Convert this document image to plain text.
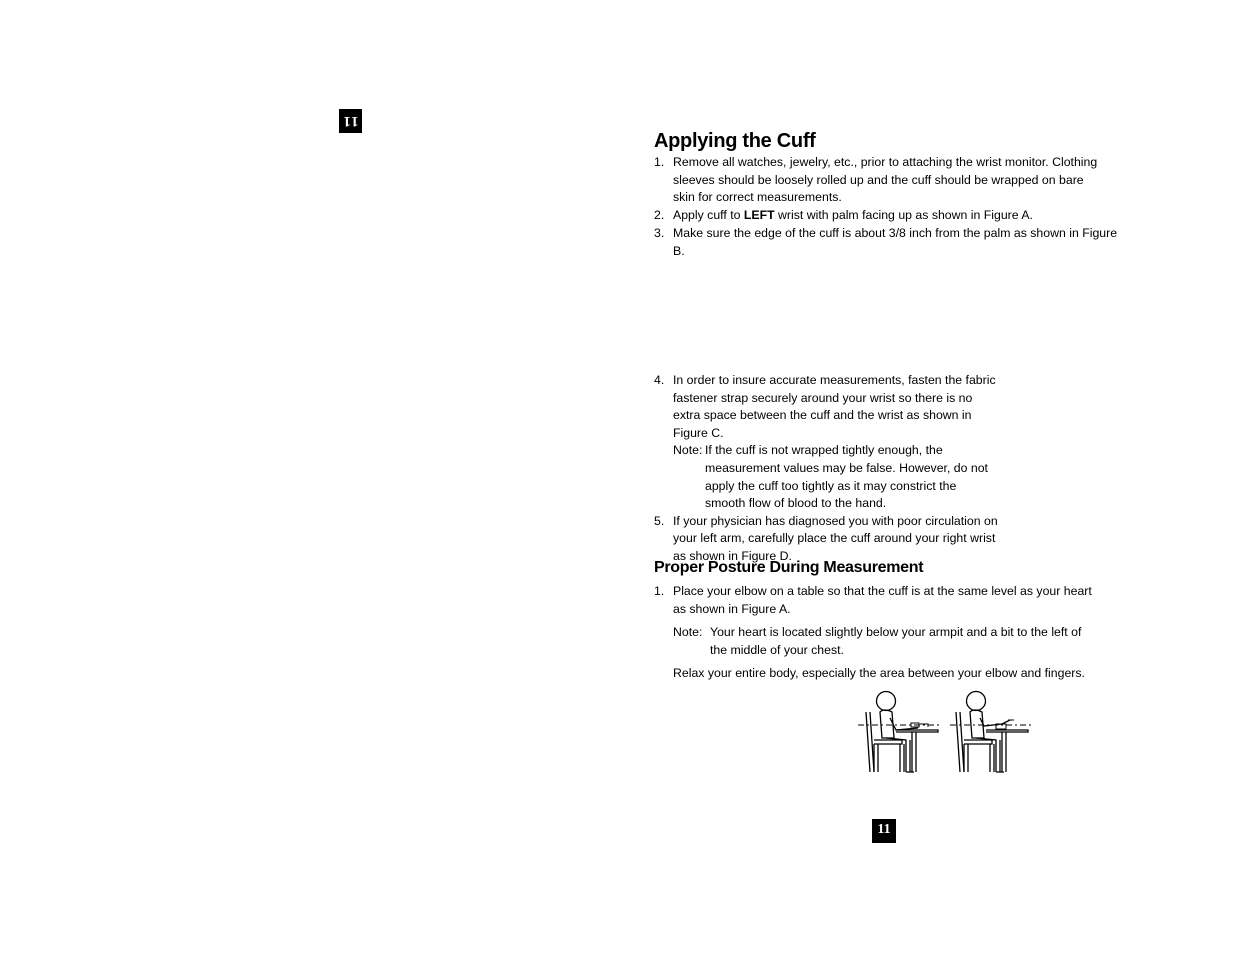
11
Applying the Cuff
1. Remove all watches, jewelry, etc., prior to attaching the wrist monitor. Clothing sleeves should be loosely rolled up and the cuff should be wrapped on bare skin for correct measurements.
2. Apply cuff to LEFT wrist with palm facing up as shown in Figure A.
3. Make sure the edge of the cuff is about 3/8 inch from the palm as shown in Figure B.
4. In order to insure accurate measurements, fasten the fabric fastener strap securely around your wrist so there is no extra space between the cuff and the wrist as shown in Figure C.
Note: If the cuff is not wrapped tightly enough, the measurement values may be false. However, do not apply the cuff too tightly as it may constrict the smooth flow of blood to the hand.
5. If your physician has diagnosed you with poor circulation on your left arm, carefully place the cuff around your right wrist as shown in Figure D.
Proper Posture During Measurement
1. Place your elbow on a table so that the cuff is at the same level as your heart as shown in Figure A.
Note: Your heart is located slightly below your armpit and a bit to the left of the middle of your chest.
Relax your entire body, especially the area between your elbow and fingers.
11
